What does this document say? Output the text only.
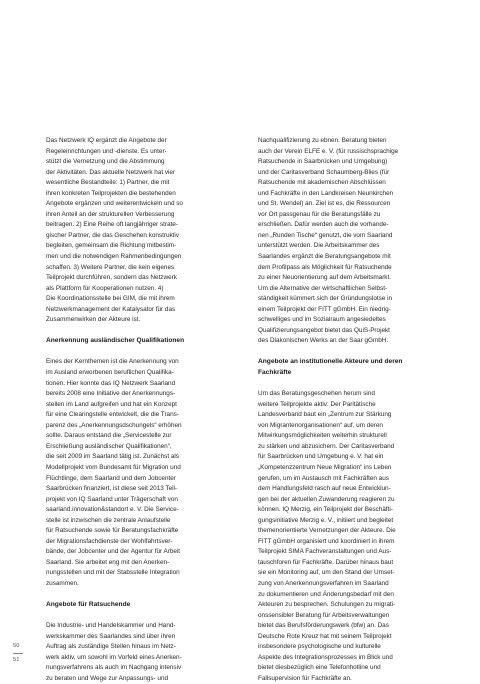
Das Netzwerk IQ ergänzt die Angebote der
Regeleinrichtungen und -dienste. Es unter-
stützt die Vernetzung und die Abstimmung
der Aktivitäten. Das aktuelle Netzwerk hat vier
wesentliche Bestandteile: 1) Partner, die mit
ihren konkreten Teilprojekten die bestehenden
Angebote ergänzen und weiterentwickeln und so
ihren Anteil an der strukturellen Verbesserung
beitragen. 2) Eine Reihe oft langjähriger strate-
gischer Partner, die das Geschehen konstruktiv
begleiten, gemeinsam die Richtung mitbestim-
men und die notwendigen Rahmenbedingungen
schaffen. 3) Weitere Partner, die kein eigenes
Teilprojekt durchführen, sondern das Netzwerk
als Plattform für Kooperationen nutzen. 4)
Die Koordinationsstelle bei GIM, die mit ihrem
Netzwerkmanagement der Katalysator für das
Zusammenwirken der Akteure ist.
Anerkennung ausländischer Qualifikationen
Eines der Kernthemen ist die Anerkennung von
im Ausland erworbenen beruflichen Qualifika-
tionen. Hier konnte das IQ Netzwerk Saarland
bereits 2008 eine Initiative der Anerkennungs-
stellen im Land aufgreifen und hat ein Konzept
für eine Clearingstelle entwickelt, die die Trans-
parenz des „Anerkennungsdschungels“ erhöhen
sollte. Daraus entstand die „Servicestelle zur
Erschließung ausländischer Qualifikationen“,
die seit 2009 im Saarland tätig ist. Zunächst als
Modellprojekt vom Bundesamt für Migration und
Flüchtlinge, dem Saarland und dem Jobcenter
Saarbrücken finanziert, ist diese seit 2013 Teil-
projekt von IQ Saarland unter Trägerschaft von
saarland.innovation&standort e. V. Die Service-
stelle ist inzwischen die zentrale Anlaufstelle
für Ratsuchende sowie für Beratungsfachkräfte
der Migrationsfachdienste der Wohlfahrtsver-
bände, der Jobcenter und der Agentur für Arbeit
Saarland. Sie arbeitet eng mit den Anerken-
nungsstellen und mit der Stabsstelle Integration
zusammen.
Angebote für Ratsuchende
Die Industrie- und Handelskammer und Hand-
werkskammer des Saarlandes sind über ihren
Auftrag als zuständige Stellen hinaus im Netz-
werk aktiv, um sowohl im Vorfeld eines Anerken-
nungsverfahrens als auch im Nachgang intensiv
zu beraten und Wege zur Anpassungs- und
Nachqualifizierung zu ebnen. Beratung bieten
auch der Verein ELFE e. V. (für russischsprachige
Ratsuchende in Saarbrücken und Umgebung)
und der Caritasverband Schaumberg-Blies (für
Ratsuchende mit akademischen Abschlüssen
und Fachkräfte in den Landkreisen Neunkirchen
und St. Wendel) an. Ziel ist es, die Ressourcen
vor Ort passgenau für die Beratungsfälle zu
erschließen. Dafür werden auch die vorhande-
nen „Runden Tische“ genutzt, die vom Saarland
unterstützt werden. Die Arbeitskammer des
Saarlandes ergänzt die Beratungsangebote mit
dem Profilpass als Möglichkeit für Ratsuchende
zu einer Neuorientierung auf dem Arbeitsmarkt.
Um die Alternative der wirtschaftlichen Selbst-
ständigkeit kümmert sich der Gründungslotse in
einem Teilprojekt der FITT gGmbH. Ein niedrig-
schwelliges und im Sozialraum angesiedeltes
Qualifizierungsangebot bietet das QuiS-Projekt
des Diakonischen Werks an der Saar gGmbH.
Angebote an institutionelle Akteure und deren
Fachkräfte
Um das Beratungsgeschehen herum sind
weitere Teilprojekte aktiv: Der Paritätische
Landesverband baut ein „Zentrum zur Stärkung
von Migrantenorganisationen“ auf, um deren
Mitwirkungsmöglichkeiten weiterhin strukturell
zu stärken und abzusichern. Der Caritasverband
für Saarbrücken und Umgebung e. V. hat ein
„Kompetenzzentrum Neue Migration“ ins Leben
gerufen, um im Austausch mit Fachkräften aus
dem Handlungsfeld rasch auf neue Entwicklun-
gen bei der aktuellen Zuwanderung reagieren zu
können. IQ Merzig, ein Teilprojekt der Beschäfti-
gungsinitiative Merzig e. V., initiiert und begleitet
themenorientierte Vernetzungen der Akteure. Die
FITT gGmbH organisiert und koordiniert in ihrem
Teilprojekt SIMA Fachveranstaltungen und Aus-
tauschforen für Fachkräfte. Darüber hinaus baut
sie ein Monitoring auf, um den Stand der Umset-
zung von Anerkennungsverfahren im Saarland
zu dokumentieren und Änderungsbedarf mit den
Akteuren zu besprechen. Schulungen zu migrati-
onssensibler Beratung für Arbeitsverwaltungen
bietet das Berufsförderungswerk (bfw) an. Das
Deutsche Rote Kreuz hat mit seinem Teilprojekt
insbesondere psychologische und kulturelle
Aspekte des Integrationsprozesses im Blick und
bietet diesbezüglich eine Telefonhotline und
Fallsupervision für Fachkräfte an.
50
51
